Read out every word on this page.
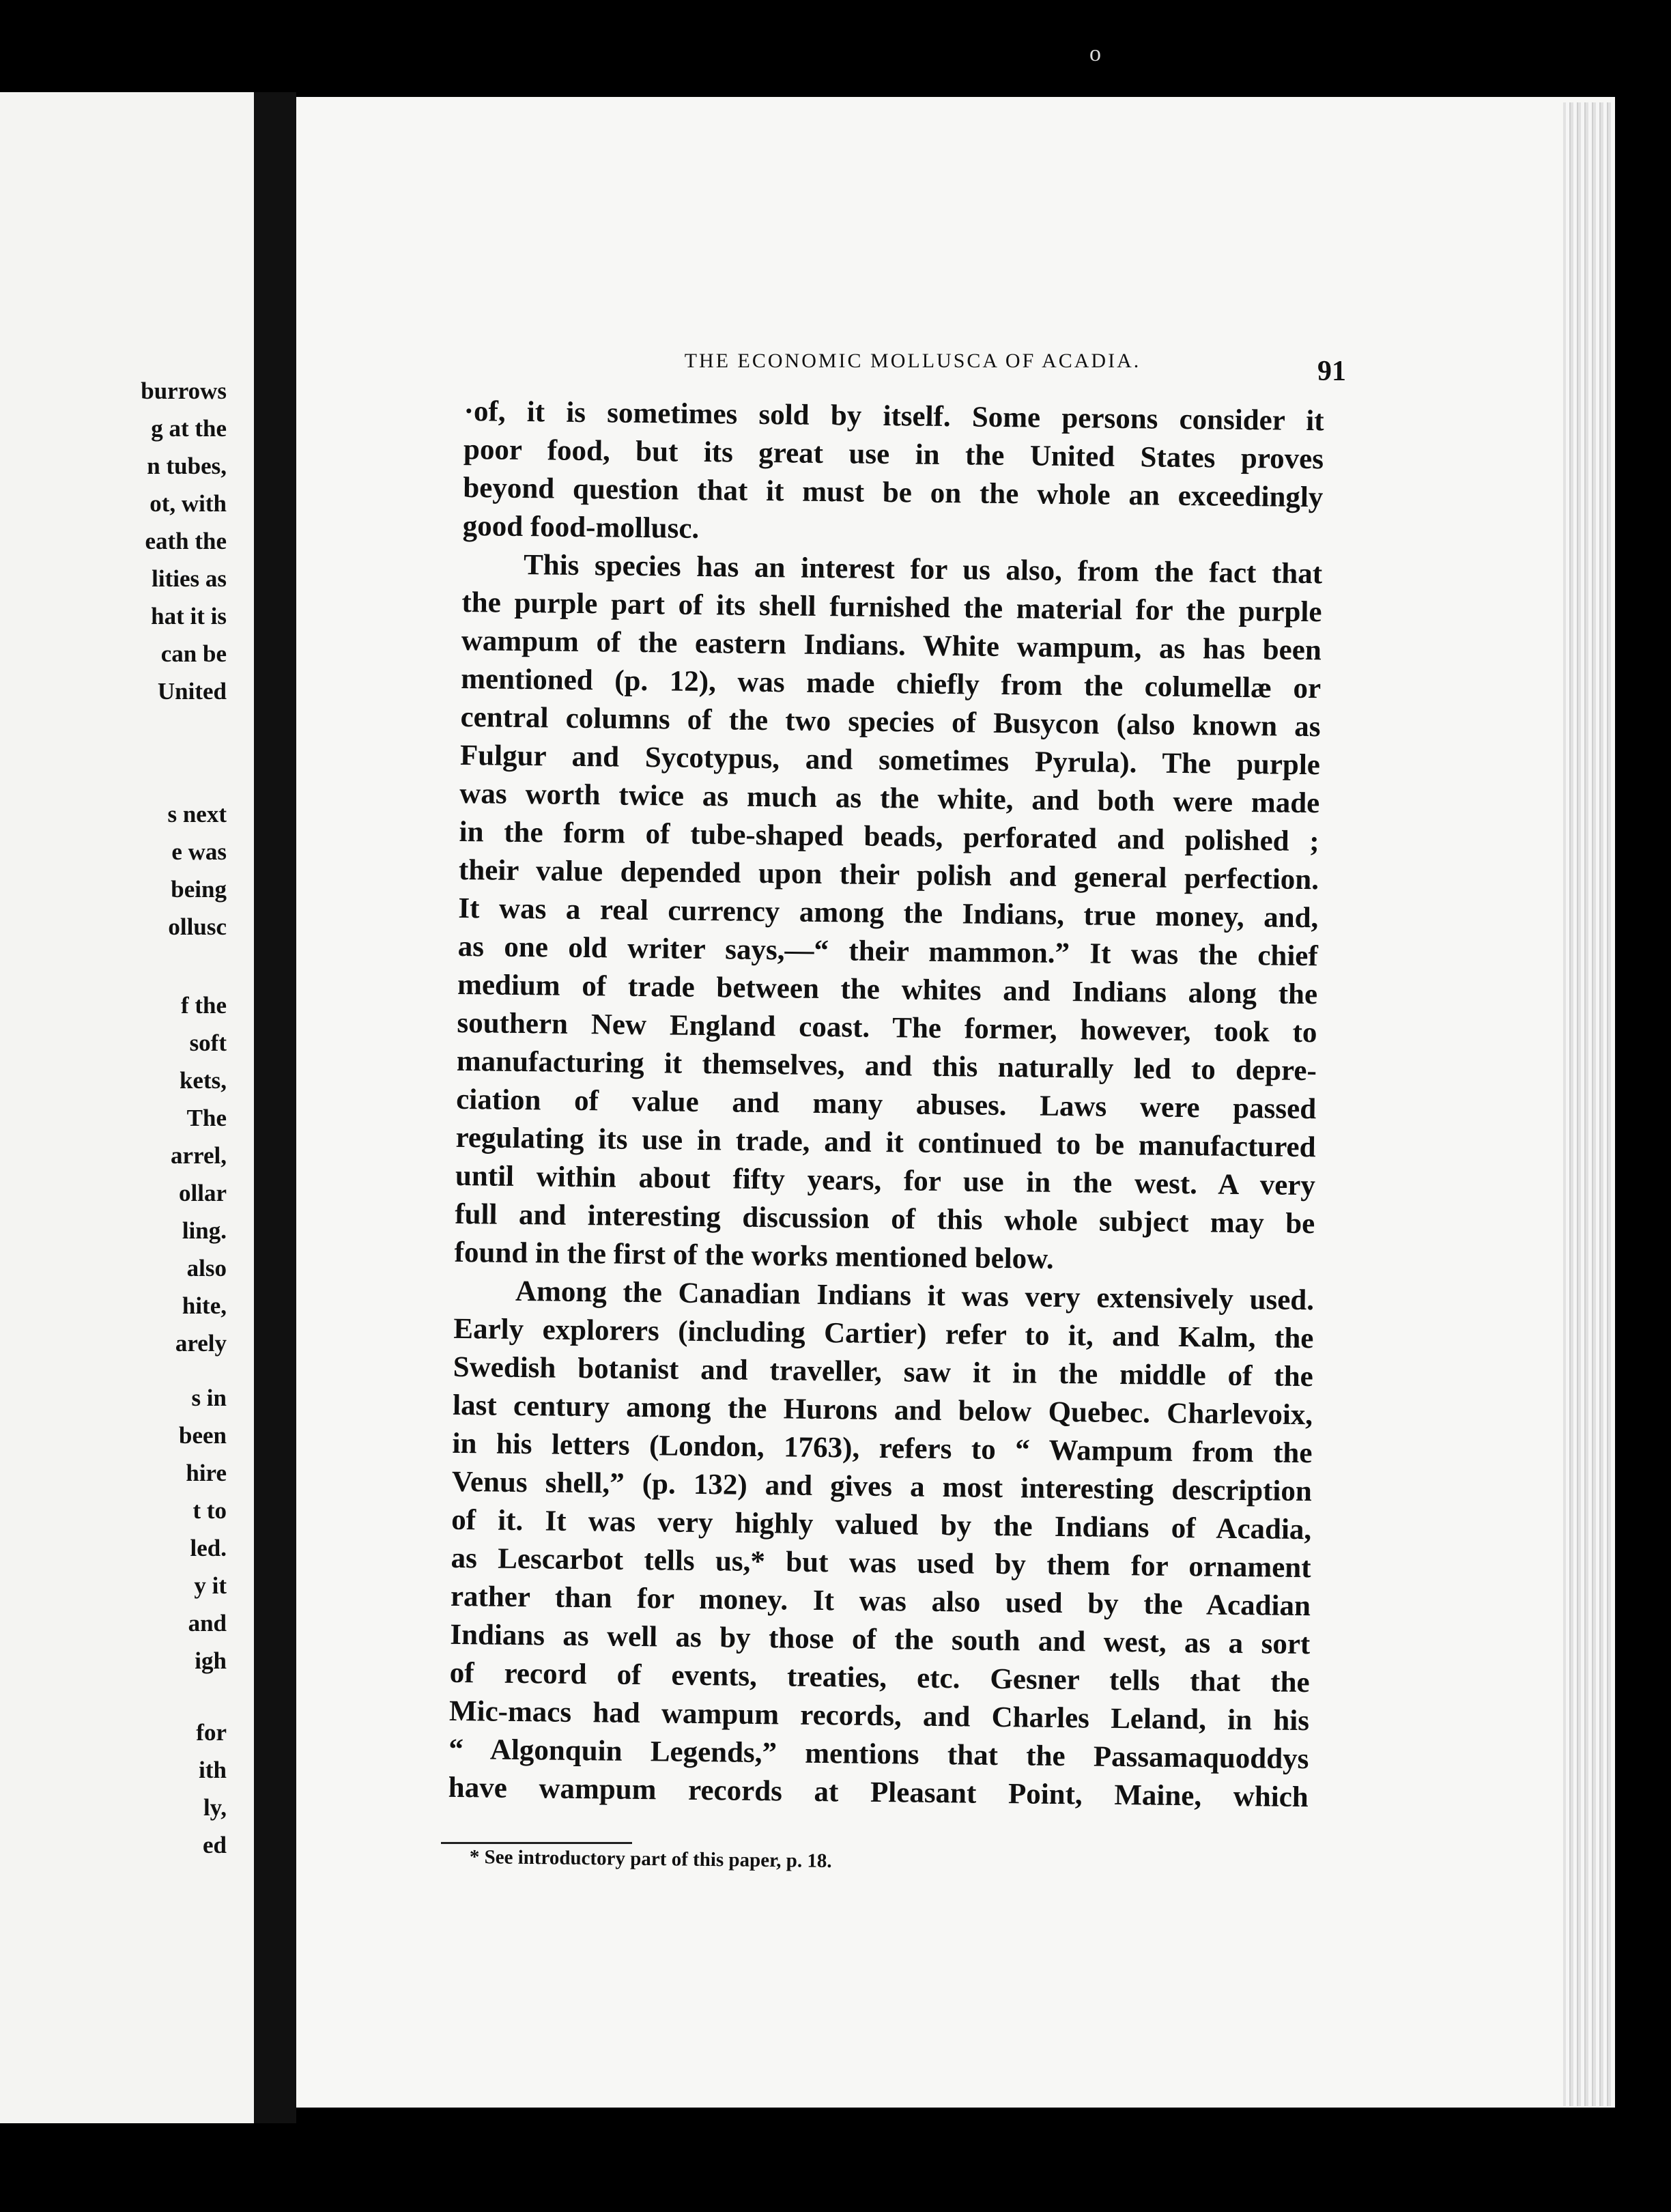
burrows
g at the
n tubes,
ot, with
eath the
lities as
hat it is
can be
United
s next
e was
being
ollusc
f the
soft
kets,
The
arrel,
ollar
ling.
also
hite,
arely
s in
been
hire
t to
led.
y it
and
igh
for
ith
ly,
ed
THE ECONOMIC MOLLUSCA OF ACADIA.	91
·of, it is sometimes sold by itself. Some persons consider it
poor food, but its great use in the United States proves
beyond question that it must be on the whole an exceedingly
good food-mollusc.
This species has an interest for us also, from the fact that
the purple part of its shell furnished the material for the purple
wampum of the eastern Indians. White wampum, as has been
mentioned (p. 12), was made chiefly from the columellæ or
central columns of the two species of Busycon (also known as
Fulgur and Sycotypus, and sometimes Pyrula). The purple
was worth twice as much as the white, and both were made
in the form of tube-shaped beads, perforated and polished ;
their value depended upon their polish and general perfection.
It was a real currency among the Indians, true money, and,
as one old writer says,—“ their mammon.” It was the chief
medium of trade between the whites and Indians along the
southern New England coast. The former, however, took to
manufacturing it themselves, and this naturally led to depre-
ciation of value and many abuses. Laws were passed
regulating its use in trade, and it continued to be manufactured
until within about fifty years, for use in the west. A very
full and interesting discussion of this whole subject may be
found in the first of the works mentioned below.
Among the Canadian Indians it was very extensively used.
Early explorers (including Cartier) refer to it, and Kalm, the
Swedish botanist and traveller, saw it in the middle of the
last century among the Hurons and below Quebec. Charlevoix,
in his letters (London, 1763), refers to “ Wampum from the
Venus shell,” (p. 132) and gives a most interesting description
of it. It was very highly valued by the Indians of Acadia,
as Lescarbot tells us,* but was used by them for ornament
rather than for money. It was also used by the Acadian
Indians as well as by those of the south and west, as a sort
of record of events, treaties, etc. Gesner tells that the
Mic-macs had wampum records, and Charles Leland, in his
“ Algonquin Legends,” mentions that the Passamaquoddys
have wampum records at Pleasant Point, Maine, which
* See introductory part of this paper, p. 18.
o
